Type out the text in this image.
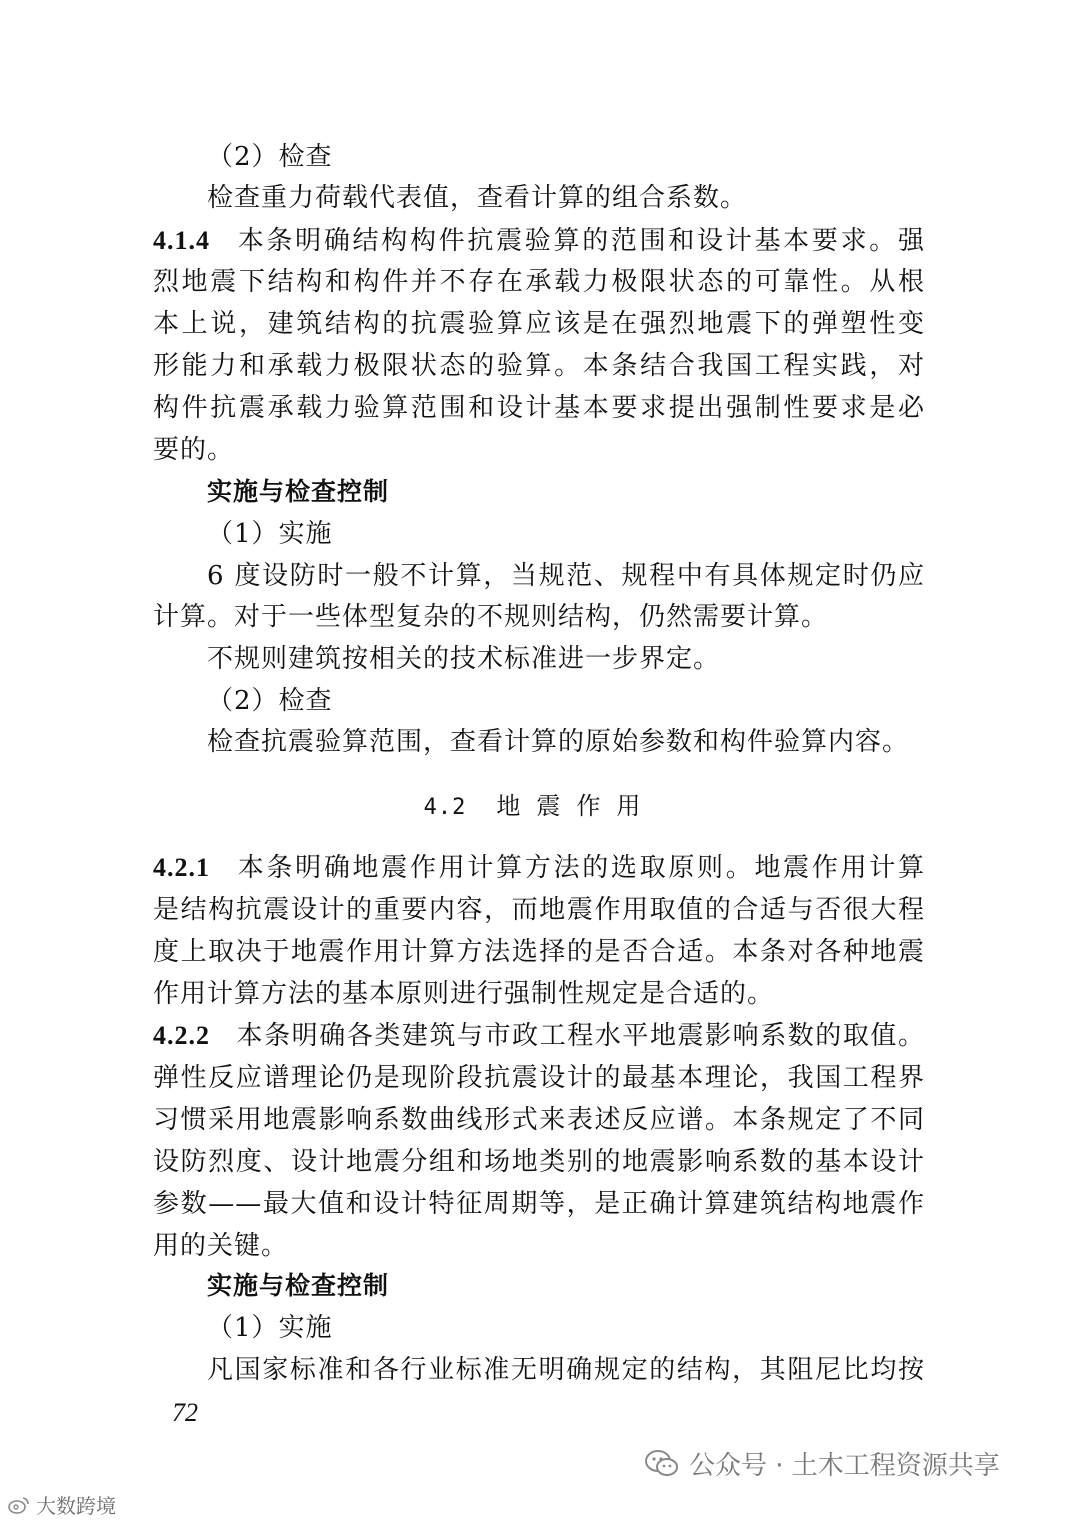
（2）检查
检查重力荷载代表值，查看计算的组合系数。
4.1.4 本条明确结构构件抗震验算的范围和设计基本要求。强
烈地震下结构和构件并不存在承载力极限状态的可靠性。从根
本上说，建筑结构的抗震验算应该是在强烈地震下的弹塑性变
形能力和承载力极限状态的验算。本条结合我国工程实践，对
构件抗震承载力验算范围和设计基本要求提出强制性要求是必
要的。
实施与检查控制
（1）实施
6 度设防时一般不计算，当规范、规程中有具体规定时仍应
计算。对于一些体型复杂的不规则结构，仍然需要计算。
不规则建筑按相关的技术标准进一步界定。
（2）检查
检查抗震验算范围，查看计算的原始参数和构件验算内容。
4.2 地震作用
4.2.1 本条明确地震作用计算方法的选取原则。地震作用计算
是结构抗震设计的重要内容，而地震作用取值的合适与否很大程
度上取决于地震作用计算方法选择的是否合适。本条对各种地震
作用计算方法的基本原则进行强制性规定是合适的。
4.2.2 本条明确各类建筑与市政工程水平地震影响系数的取值。
弹性反应谱理论仍是现阶段抗震设计的最基本理论，我国工程界
习惯采用地震影响系数曲线形式来表述反应谱。本条规定了不同
设防烈度、设计地震分组和场地类别的地震影响系数的基本设计
参数——最大值和设计特征周期等，是正确计算建筑结构地震作
用的关键。
实施与检查控制
（1）实施
凡国家标准和各行业标准无明确规定的结构，其阻尼比均按
72
公众号 · 土木工程资源共享
大数跨境
